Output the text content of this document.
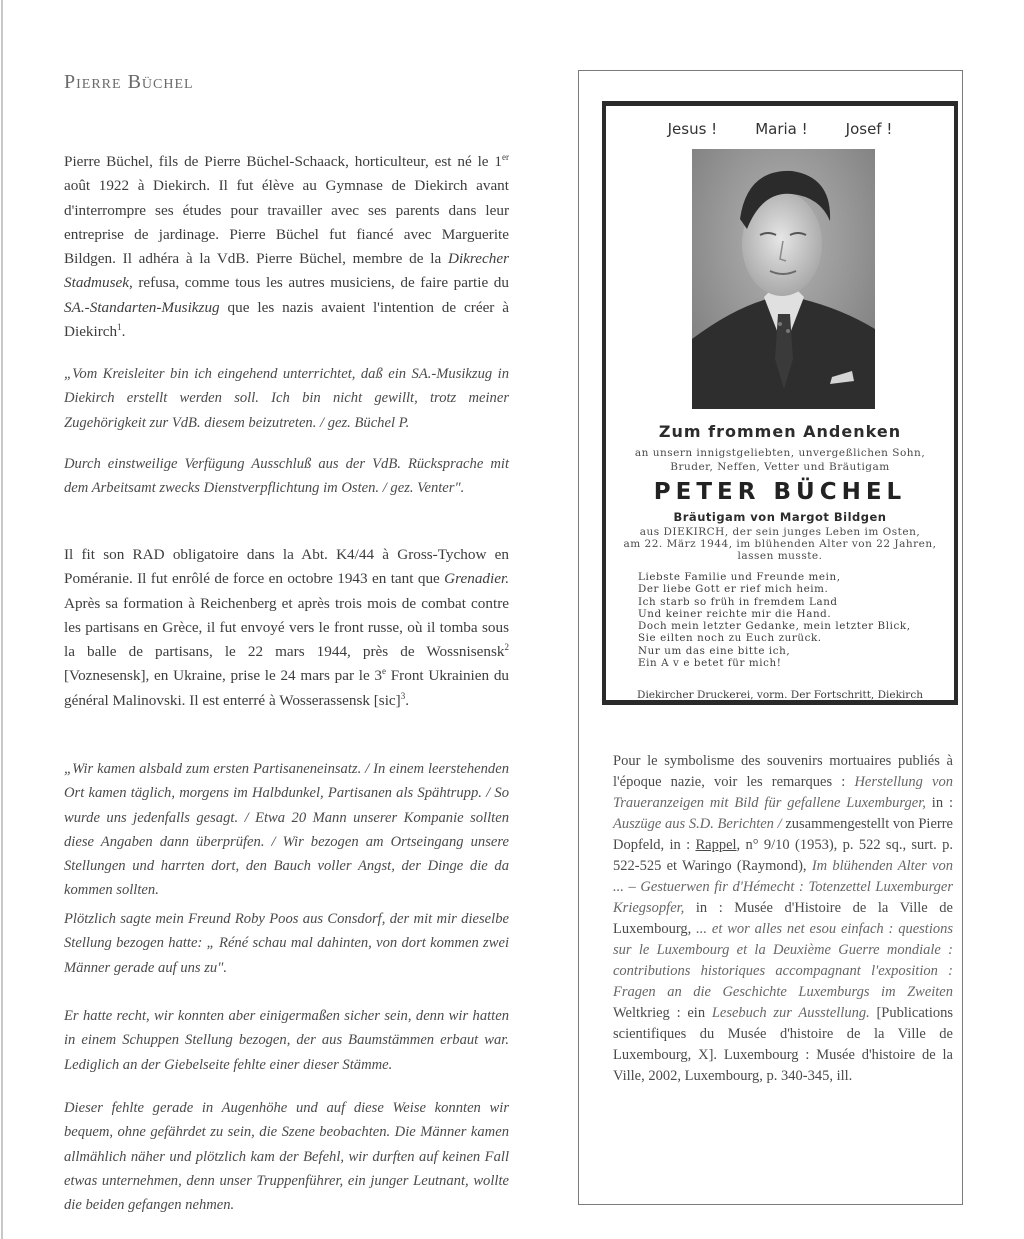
Pierre Büchel

Pierre Büchel, fils de Pierre Büchel-Schaack, horticulteur, est né le 1er août 1922 à Diekirch. Il fut élève au Gymnase de Diekirch avant d'interrompre ses études pour travailler avec ses parents dans leur entreprise de jardinage. Pierre Büchel fut fiancé avec Marguerite Bildgen. Il adhéra à la VdB. Pierre Büchel, membre de la Dikrecher Stadmusek, refusa, comme tous les autres musiciens, de faire partie du SA.-Standarten-Musikzug que les nazis avaient l'intention de créer à Diekirch$^1$.

„Vom Kreisleiter bin ich eingehend unterrichtet, daß ein SA.-Musikzug in Diekirch erstellt werden soll. Ich bin nicht gewillt, trotz meiner Zugehörigkeit zur VdB. diesem beizutreten. / gez. Büchel P.

Durch einstweilige Verfügung Ausschluß aus der VdB. Rücksprache mit dem Arbeitsamt zwecks Dienstverpflichtung im Osten. / gez. Venter".

Il fit son RAD obligatoire dans la Abt. K4/44 à Gross-Tychow en Poméranie. Il fut enrôlé de force en octobre 1943 en tant que Grenadier. Après sa formation à Reichenberg et après trois mois de combat contre les partisans en Grèce, il fut envoyé vers le front russe, où il tomba sous la balle de partisans, le 22 mars 1944, près de Wossnisensk$^2$ [Voznesensk], en Ukraine, prise le 24 mars par le 3e Front Ukrainien du général Malinovski. Il est enterré à Wosserassensk [sic]$^3$.

„Wir kamen alsbald zum ersten Partisaneneinsatz. / In einem leerstehenden Ort kamen täglich, morgens im Halbdunkel, Partisanen als Spähtrupp. / So wurde uns jedenfalls gesagt. / Etwa 20 Mann unserer Kompanie sollten diese Angaben dann überprüfen. / Wir bezogen am Ortseingang unsere Stellungen und harrten dort, den Bauch voller Angst, der Dinge die da kommen sollten.

Plötzlich sagte mein Freund Roby Poos aus Consdorf, der mit mir dieselbe Stellung bezogen hatte: „ Réné schau mal dahinten, von dort kommen zwei Männer gerade auf uns zu".

Er hatte recht, wir konnten aber einigermaßen sicher sein, denn wir hatten in einem Schuppen Stellung bezogen, der aus Baumstämmen erbaut war. Lediglich an der Giebelseite fehlte einer dieser Stämme.

Dieser fehlte gerade in Augenhöhe und auf diese Weise konnten wir bequem, ohne gefährdet zu sein, die Szene beobachten. Die Männer kamen allmählich näher und plötzlich kam der Befehl, wir durften auf keinen Fall etwas unternehmen, denn unser Truppenführer, ein junger Leutnant, wollte die beiden gefangen nehmen.

Jesus !	Maria !	Josef !
Zum frommen Andenken
an unsern innigstgeliebten, unvergeßlichen Sohn,
Bruder, Neffen, Vetter und Bräutigam
PETER BÜCHEL
Bräutigam von Margot Bildgen
aus DIEKIRCH, der sein junges Leben im Osten,
am 22. März 1944, im blühenden Alter von 22 Jahren,
lassen musste.
Liebste Familie und Freunde mein,
Der liebe Gott er rief mich heim.
Ich starb so früh in fremdem Land
Und keiner reichte mir die Hand.
Doch mein letzter Gedanke, mein letzter Blick,
Sie eilten noch zu Euch zurück.
Nur um das eine bitte ich,
Ein A v e betet für mich!
Diekircher Druckerei, vorm. Der Fortschritt, Diekirch
Pour le symbolisme des souvenirs mortuaires publiés à l'époque nazie, voir les remarques : Herstellung von Traueranzeigen mit Bild für gefallene Luxemburger, in : Auszüge aus S.D. Berichten / zusammengestellt von Pierre Dopfeld, in : Rappel, n° 9/10 (1953), p. 522 sq., surt. p. 522-525 et Waringo (Raymond), Im blühenden Alter von ... – Gestuerwen fir d'Hémecht : Totenzettel Luxemburger Kriegsopfer, in : Musée d'Histoire de la Ville de Luxembourg, ... et wor alles net esou einfach : questions sur le Luxembourg et la Deuxième Guerre mondiale : contributions historiques accompagnant l'exposition : Fragen an die Geschichte Luxemburgs im Zweiten Weltkrieg : ein Lesebuch zur Ausstellung. [Publications scientifiques du Musée d'histoire de la Ville de Luxembourg, X]. Luxembourg : Musée d'histoire de la Ville, 2002, Luxembourg, p. 340-345, ill.
